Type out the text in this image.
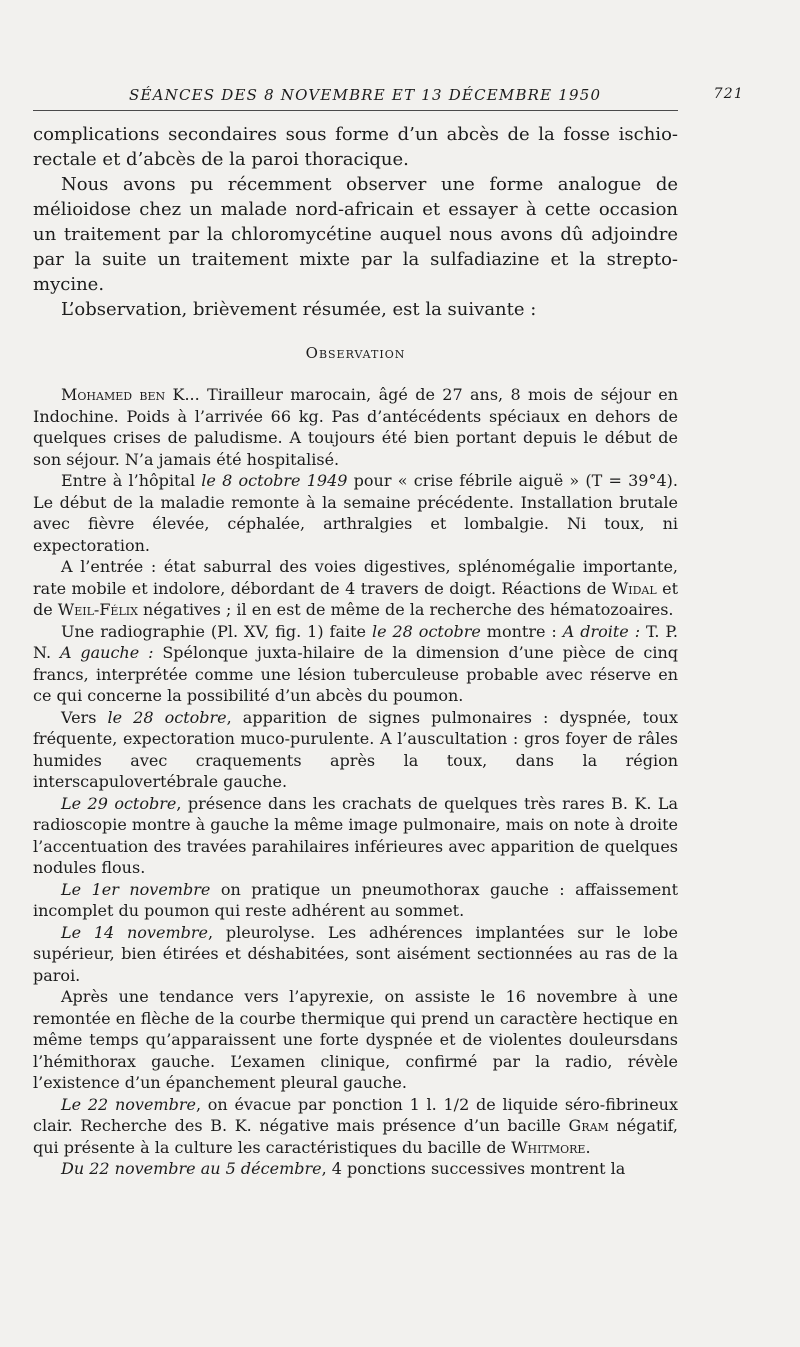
SÉANCES DES 8 NOVEMBRE ET 13 DÉCEMBRE 1950	721

complications secondaires sous forme d’un abcès de la fosse ischio-rectale et d’abcès de la paroi thoracique.

Nous avons pu récemment observer une forme analogue de mélioidose chez un malade nord-africain et essayer à cette occasion un traitement par la chloromycétine auquel nous avons dû adjoindre par la suite un traitement mixte par la sulfadiazine et la strepto-mycine.

L’observation, brièvement résumée, est la suivante :

Observation

Mohamed ben K... Tirailleur marocain, âgé de 27 ans, 8 mois de séjour en Indochine. Poids à l’arrivée 66 kg. Pas d’antécédents spéciaux en dehors de quelques crises de paludisme. A toujours été bien portant depuis le début de son séjour. N’a jamais été hospitalisé.

Entre à l’hôpital le 8 octobre 1949 pour « crise fébrile aiguë » (T = 39°4). Le début de la maladie remonte à la semaine précédente. Installation brutale avec fièvre élevée, céphalée, arthralgies et lombalgie. Ni toux, ni expectoration.

A l’entrée : état saburral des voies digestives, splénomégalie importante, rate mobile et indolore, débordant de 4 travers de doigt. Réactions de Widal et de Weil-Félix négatives ; il en est de même de la recherche des hématozoaires.

Une radiographie (Pl. XV, fig. 1) faite le 28 octobre montre : A droite : T. P. N. A gauche : Spélonque juxta-hilaire de la dimension d’une pièce de cinq francs, interprétée comme une lésion tuberculeuse probable avec réserve en ce qui concerne la possibilité d’un abcès du poumon.

Vers le 28 octobre, apparition de signes pulmonaires : dyspnée, toux fréquente, expectoration muco-purulente. A l’auscultation : gros foyer de râles humides avec craquements après la toux, dans la région interscapulovertébrale gauche.

Le 29 octobre, présence dans les crachats de quelques très rares B. K. La radioscopie montre à gauche la même image pulmonaire, mais on note à droite l’accentuation des travées parahilaires inférieures avec apparition de quelques nodules flous.

Le 1er novembre on pratique un pneumothorax gauche : affaissement incomplet du poumon qui reste adhérent au sommet.

Le 14 novembre, pleurolyse. Les adhérences implantées sur le lobe supérieur, bien étirées et déshabitées, sont aisément sectionnées au ras de la paroi.

Après une tendance vers l’apyrexie, on assiste le 16 novembre à une remontée en flèche de la courbe thermique qui prend un caractère hectique en même temps qu’apparaissent une forte dyspnée et de violentes douleursdans l’hémithorax gauche. L’examen clinique, confirmé par la radio, révèle l’existence d’un épanchement pleural gauche.

Le 22 novembre, on évacue par ponction 1 l. 1/2 de liquide séro-fibrineux clair. Recherche des B. K. négative mais présence d’un bacille Gram négatif, qui présente à la culture les caractéristiques du bacille de Whitmore.

Du 22 novembre au 5 décembre, 4 ponctions successives montrent la
